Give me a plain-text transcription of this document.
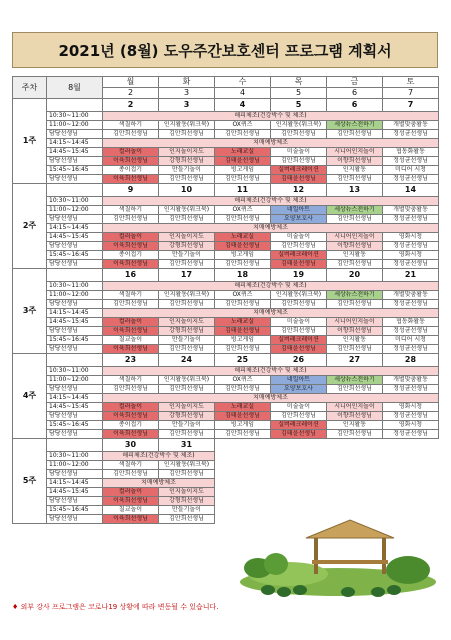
2021년 (8월) 도우주간보호센터 프로그램 계획서
주차	8월	월	화	수	목	금	토
		2	3	4	5	6	7
1주		2	3	4	5	6	7
	10:30~11:00	해피체조(건강박수 및 체조)					
	11:00~12:00	색칠하기	인지활동(워크북)	OX퀴즈	인지활동(워크북)	세상뉴스전하기	개별맞춤활동
	담당선생님	김안희선생님	김안희선생님	김안희선생님	김안희선생님	김안희선생님	정성균선생님
	14:15~14:45	치매예방체조					
	14:45~15:45	컬러놀이	인지놀이지도	노래교실	미술놀이	시니어인지놀이	협동화활동
	담당선생님	이육희선생님	강형희선생님	김태윤선생님	김안희선생님	이향희선생님	정성균선생님
	15:45~16:45	종이접기	만들기놀이	빙고게임	실버레크레이션	인지활동	미디어 시청
	담당선생님	이육희선생님	김안희선생님	김안희선생님	김태윤선생님	김안희선생님	정성균선생님
2주		9	10	11	12	13	14
	10:30~11:00	해피체조(건강박수 및 체조)					
	11:00~12:00	색칠하기	인지활동(워크북)	OX퀴즈	네일아트	세상뉴스전하기	개별맞춤활동
	담당선생님	김안희선생님	김안희선생님	김안희선생님	요양보호사	김안희선생님	정성균선생님
	14:15~14:45	치매예방체조					
	14:45~15:45	컬러놀이	인지놀이지도	노래교실	미술놀이	시니어인지놀이	영화시청
	담당선생님	이육희선생님	강형희선생님	김태윤선생님	김안희선생님	이향희선생님	정성균선생님
	15:45~16:45	종이접기	만들기놀이	빙고게임	실버레크레이션	인지활동	영화시청
	담당선생님	이육희선생님	김안희선생님	김안희선생님	김태윤선생님	김안희선생님	정성균선생님
3주		16	17	18	19	20	21
	10:30~11:00	해피체조(건강박수 및 체조)					
	11:00~12:00	색칠하기	인지활동(워크북)	OX퀴즈	인지활동(워크북)	세상뉴스전하기	개별맞춤활동
	담당선생님	김안희선생님	김안희선생님	김안희선생님	김안희선생님	김안희선생님	정성균선생님
	14:15~14:45	치매예방체조					
	14:45~15:45	컬러놀이	인지놀이지도	노래교실	미술놀이	시니어인지놀이	협동화활동
	담당선생님	이육희선생님	강형희선생님	김태윤선생님	김안희선생님	이향희선생님	정성균선생님
	15:45~16:45	칠교놀이	만들기놀이	빙고게임	실버레크레이션	인지활동	미디어 시청
	담당선생님	이육희선생님	김안희선생님	김안희선생님	김태윤선생님	김안희선생님	정성균선생님
4주		23	24	25	26	27	28
	10:30~11:00	해피체조(건강박수 및 체조)					
	11:00~12:00	색칠하기	인지활동(워크북)	OX퀴즈	네일아트	세상뉴스전하기	개별맞춤활동
	담당선생님	김안희선생님	김안희선생님	김안희선생님	요양보호사	김안희선생님	정성균선생님
	14:15~14:45	치매예방체조					
	14:45~15:45	컬러놀이	인지놀이지도	노래교실	미술놀이	시니어인지놀이	영화시청
	담당선생님	이육희선생님	강형희선생님	김태윤선생님	김안희선생님	이향희선생님	정성균선생님
	15:45~16:45	종이접기	만들기놀이	빙고게임	실버레크레이션	인지활동	영화시청
	담당선생님	이육희선생님	김안희선생님	김안희선생님	김태윤선생님	김안희선생님	정성균선생님
5주		30	31				
	10:30~11:00	해피체조(건강박수 및 체조)					
	11:00~12:00	색칠하기	인지활동(워크북)				
	담당선생님	김안희선생님	김안희선생님				
	14:15~14:45	치매예방체조					
	14:45~15:45	컬러놀이	인지놀이지도				
	담당선생님	이육희선생님	강형희선생님				
	15:45~16:45	칠교놀이	만들기놀이				
	담당선생님	이육희선생님	김안희선생님				
♦ 외부 강사 프로그램은 코로나19 상황에 따라 변동될 수 있습니다.
